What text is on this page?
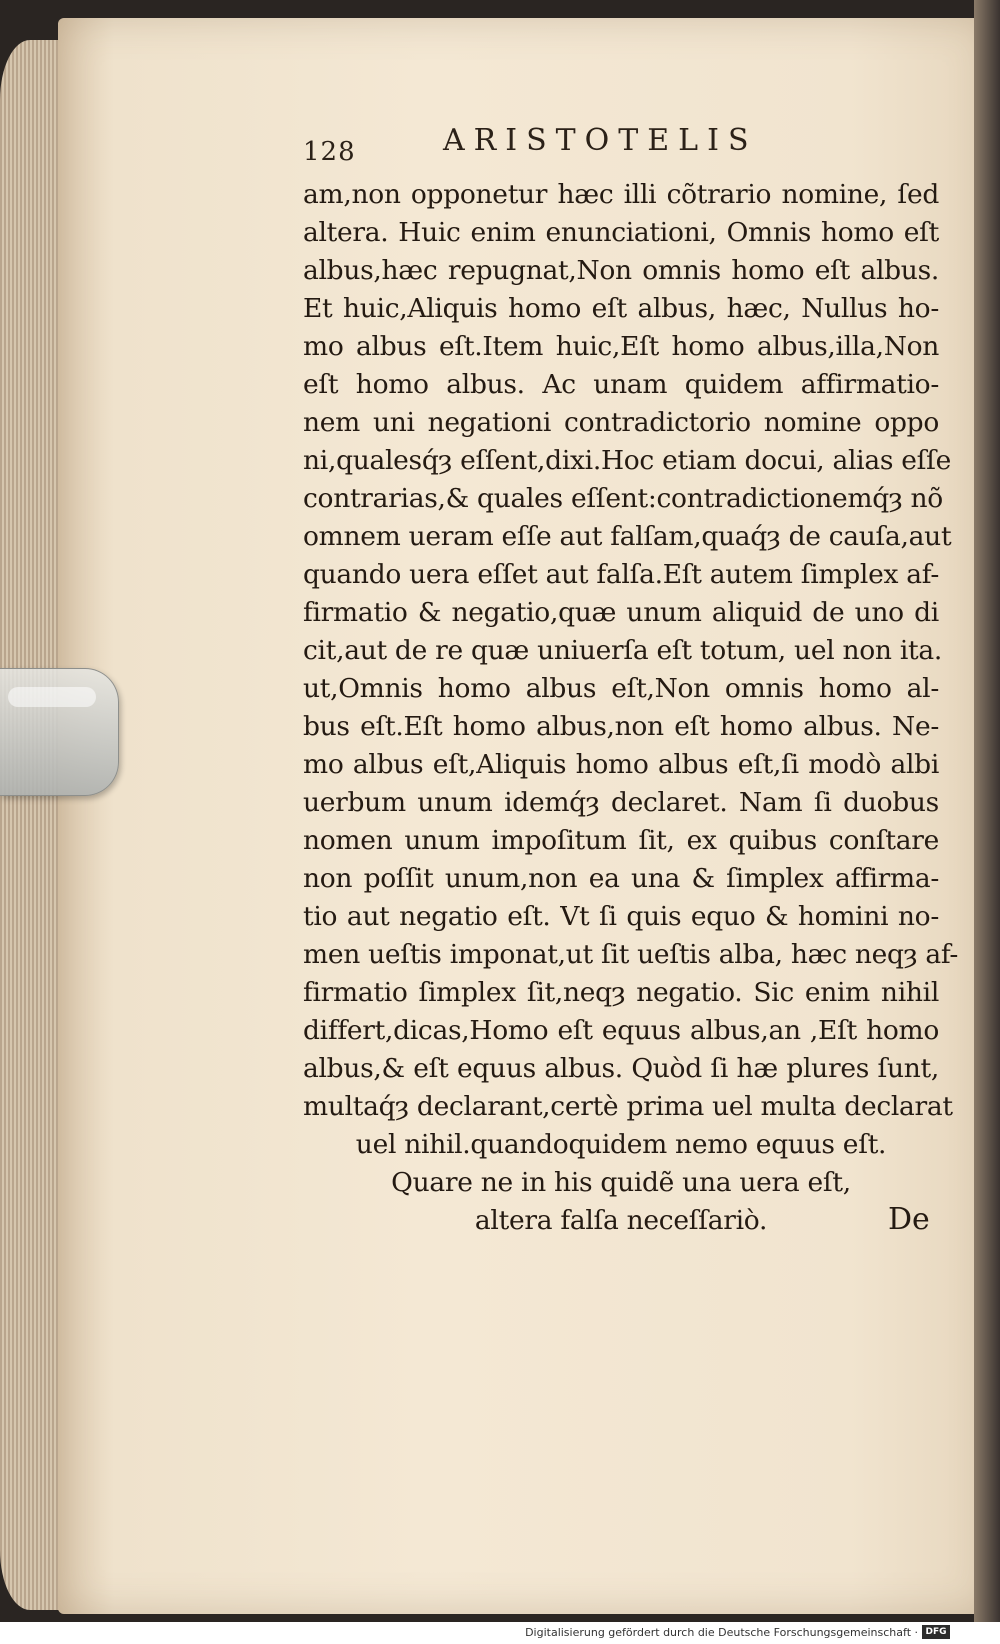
128	ARISTOTELIS
am,non opponetur hæc illi cõtrario nomine, ſed
altera. Huic enim enunciationi, Omnis homo eſt
albus,hæc repugnat,Non omnis homo eſt albus.
Et huic,Aliquis homo eſt albus, hæc, Nullus ho-
mo albus eſt.Item huic,Eſt homo albus,illa,Non
eſt homo albus. Ac unam quidem affirmatio-
nem uni negationi contradictorio nomine oppo
ni,qualesq́ȝ eſſent,dixi.Hoc etiam docui, alias eſſe
contrarias,& quales eſſent:contradictionemq́ȝ nõ
omnem ueram eſſe aut falſam,quaq́ȝ de cauſa,aut
quando uera eſſet aut falſa.Eſt autem ſimplex af-
firmatio & negatio,quæ unum aliquid de uno di
cit,aut de re quæ uniuerſa eſt totum, uel non ita.
ut,Omnis homo albus eſt,Non omnis homo al-
bus eſt.Eſt homo albus,non eſt homo albus. Ne-
mo albus eſt,Aliquis homo albus eſt,ſi modò albi
uerbum unum idemq́ȝ declaret. Nam ſi duobus
nomen unum impoſitum ſit, ex quibus conſtare
non poſſit unum,non ea una & ſimplex affirma-
tio aut negatio eſt. Vt ſi quis equo & homini no-
men ueſtis imponat,ut ſit ueſtis alba, hæc neqȝ af-
firmatio ſimplex ſit,neqȝ negatio. Sic enim nihil
differt,dicas,Homo eſt equus albus,an ,Eſt homo
albus,& eſt equus albus. Quòd ſi hæ plures ſunt,
multaq́ȝ declarant,certè prima uel multa declarat
uel nihil.quandoquidem nemo equus eſt.
Quare ne in his quidẽ una uera eſt,
altera falſa neceſſariò.	De
Digitalisierung gefördert durch die Deutsche Forschungsgemeinschaft · DFG
